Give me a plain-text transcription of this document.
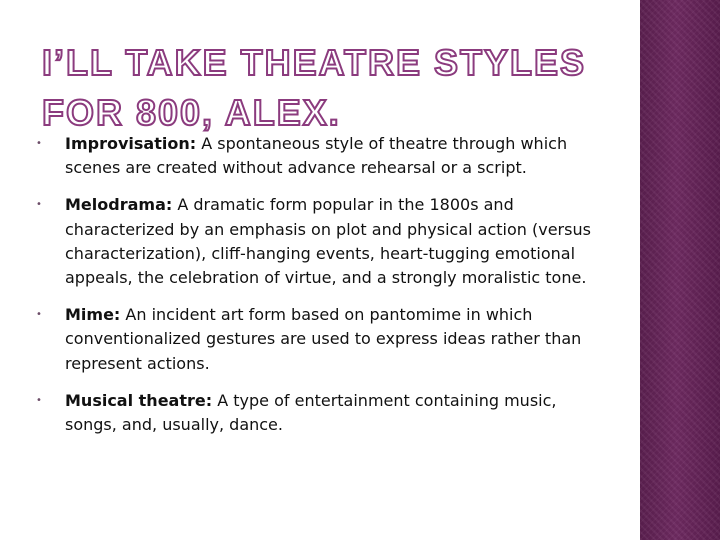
I’LL TAKE THEATRE STYLES FOR 800, ALEX.
• Improvisation: A spontaneous style of theatre through which scenes are created without advance rehearsal or a script.
• Melodrama: A dramatic form popular in the 1800s and characterized by an emphasis on plot and physical action (versus characterization), cliff-hanging events, heart-tugging emotional appeals, the celebration of virtue, and a strongly moralistic tone.
• Mime: An incident art form based on pantomime in which conventionalized gestures are used to express ideas rather than represent actions.
• Musical theatre: A type of entertainment containing music, songs, and, usually, dance.
